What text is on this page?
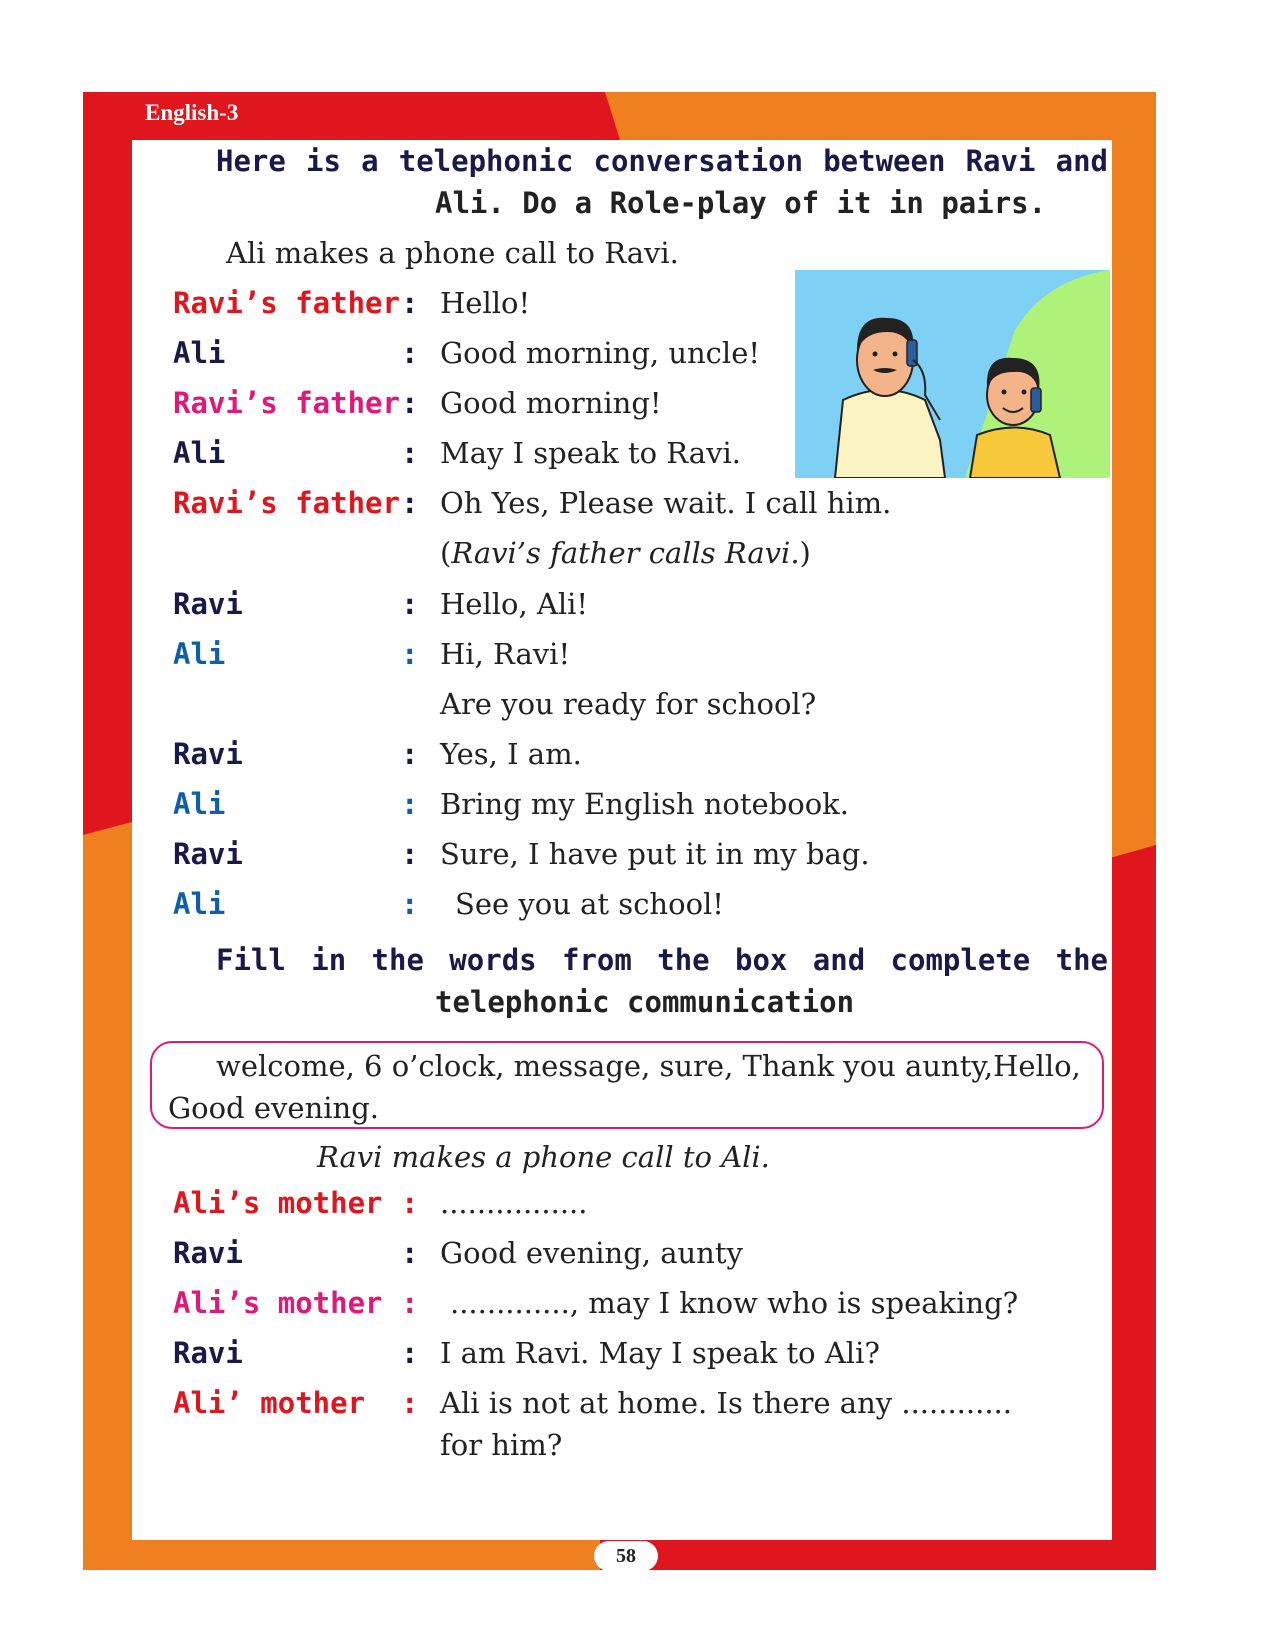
English-3
Here is a telephonic conversation between Ravi and
Ali. Do a Role-play of it in pairs.
Ali makes a phone call to Ravi.
Ravi’s father : Hello!
Ali	: Good morning, uncle!
Ravi’s father : Good morning!
Ali	: May I speak to Ravi.
Ravi’s father : Oh Yes, Please wait. I call him.
(Ravi’s father calls Ravi.)
Ravi	: Hello, Ali!
Ali	: Hi, Ravi!
Are you ready for school?
Ravi	: Yes, I am.
Ali	: Bring my English notebook.
Ravi	: Sure, I have put it in my bag.
Ali	: See you at school!
Fill in the words from the box and complete the
telephonic communication
welcome, 6 o’clock, message, sure, Thank you aunty,Hello,
Good evening.
Ravi makes a phone call to Ali.
Ali’s mother : ................
Ravi	: Good evening, aunty
Ali’s mother : ............., may I know who is speaking?
Ravi	: I am Ravi. May I speak to Ali?
Ali’ mother : Ali is not at home. Is there any ............
for him?
58
